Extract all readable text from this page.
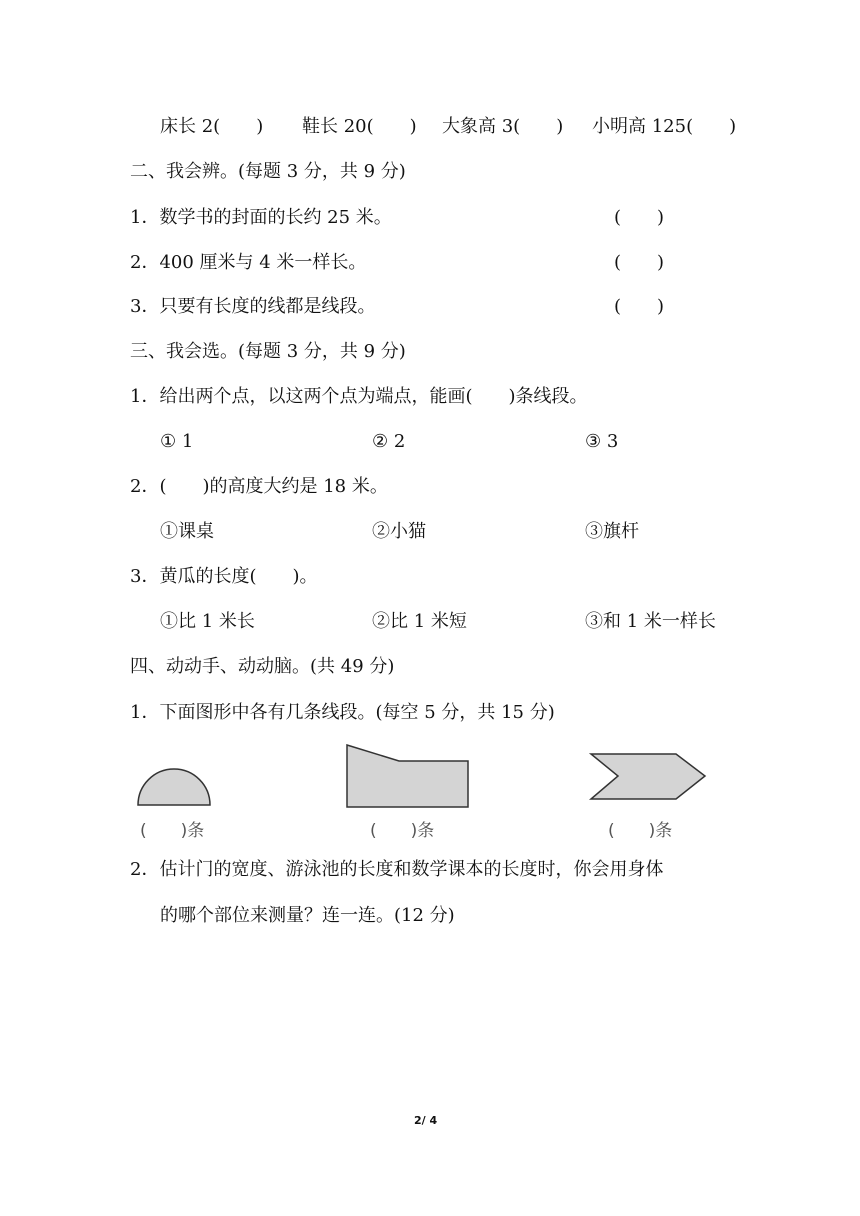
床长 2(　　) 鞋长 20(　　) 大象高 3(　　) 小明高 125(　　)
二、我会辨。(每题 3 分，共 9 分)
1．数学书的封面的长约 25 米。	(　　)
2．400 厘米与 4 米一样长。	(　　)
3．只要有长度的线都是线段。	(　　)
三、我会选。(每题 3 分，共 9 分)
1．给出两个点，以这两个点为端点，能画(　　)条线段。
① 1	② 2	③ 3
2．(　　)的高度大约是 18 米。
①课桌	②小猫	③旗杆
3．黄瓜的长度(　　)。
①比 1 米长	②比 1 米短	③和 1 米一样长
四、动动手、动动脑。(共 49 分)
1．下面图形中各有几条线段。(每空 5 分，共 15 分)
(　　)条	(　　)条	(　　)条
2．估计门的宽度、游泳池的长度和数学课本的长度时，你会用身体
的哪个部位来测量？连一连。(12 分)
2/ 4
